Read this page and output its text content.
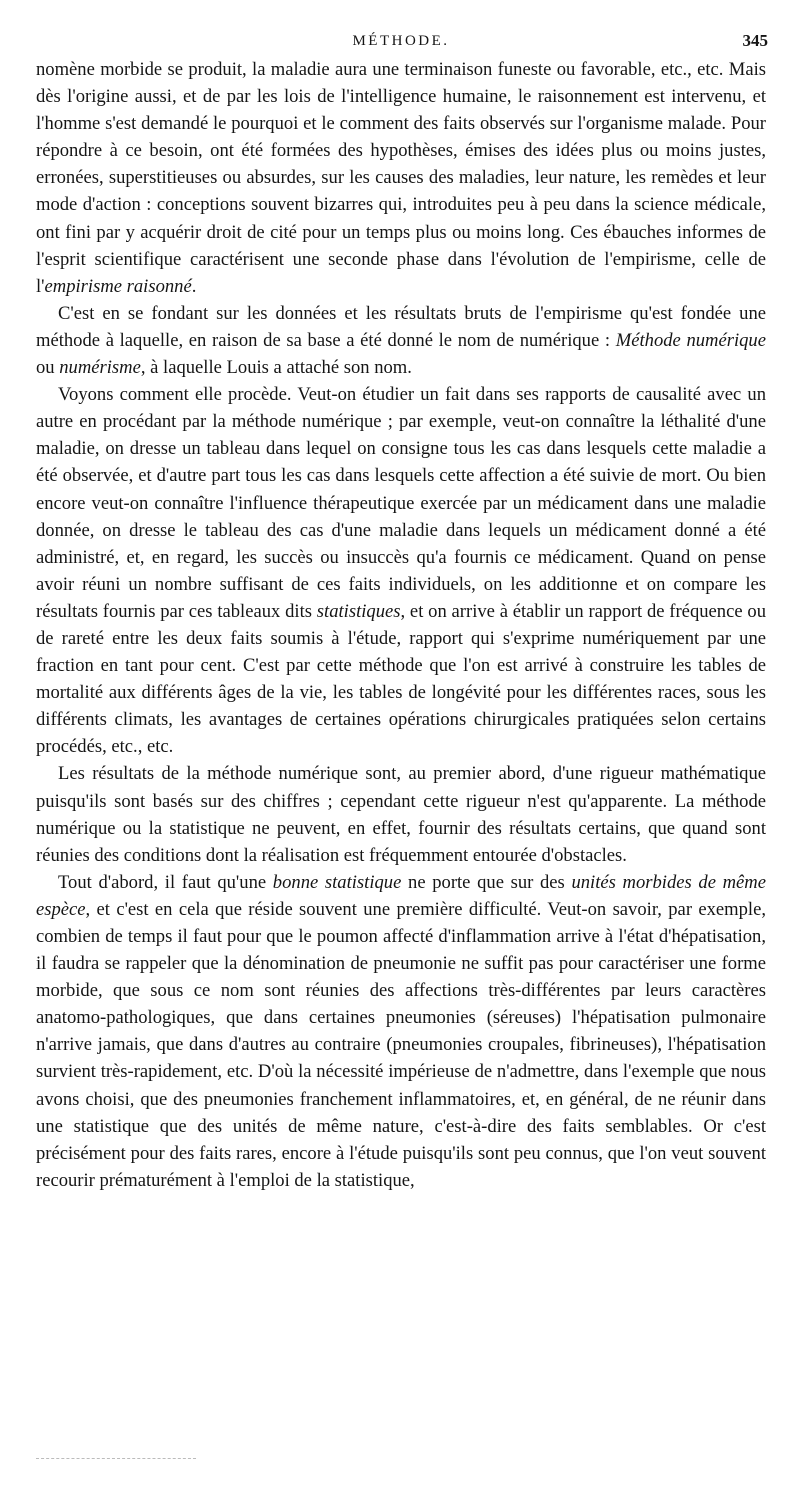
MÉTHODE.	345

nomène morbide se produit, la maladie aura une terminaison funeste ou favorable, etc., etc. Mais dès l'origine aussi, et de par les lois de l'intelligence humaine, le raisonnement est intervenu, et l'homme s'est demandé le pourquoi et le comment des faits observés sur l'organisme malade. Pour répondre à ce besoin, ont été formées des hypothèses, émises des idées plus ou moins justes, erronées, superstitieuses ou absurdes, sur les causes des maladies, leur nature, les remèdes et leur mode d'action : conceptions souvent bizarres qui, introduites peu à peu dans la science médicale, ont fini par y acquérir droit de cité pour un temps plus ou moins long. Ces ébauches informes de l'esprit scientifique caractérisent une seconde phase dans l'évolution de l'empirisme, celle de l'empirisme raisonné.

C'est en se fondant sur les données et les résultats bruts de l'empirisme qu'est fondée une méthode à laquelle, en raison de sa base a été donné le nom de numérique : Méthode numérique ou numérisme, à laquelle Louis a attaché son nom.

Voyons comment elle procède. Veut-on étudier un fait dans ses rapports de causalité avec un autre en procédant par la méthode numérique ; par exemple, veut-on connaître la léthalité d'une maladie, on dresse un tableau dans lequel on consigne tous les cas dans lesquels cette maladie a été observée, et d'autre part tous les cas dans lesquels cette affection a été suivie de mort. Ou bien encore veut-on connaître l'influence thérapeutique exercée par un médicament dans une maladie donnée, on dresse le tableau des cas d'une maladie dans lequels un médicament donné a été administré, et, en regard, les succès ou insuccès qu'a fournis ce médicament. Quand on pense avoir réuni un nombre suffisant de ces faits individuels, on les additionne et on compare les résultats fournis par ces tableaux dits statistiques, et on arrive à établir un rapport de fréquence ou de rareté entre les deux faits soumis à l'étude, rapport qui s'exprime numériquement par une fraction en tant pour cent. C'est par cette méthode que l'on est arrivé à construire les tables de mortalité aux différents âges de la vie, les tables de longévité pour les différentes races, sous les différents climats, les avantages de certaines opérations chirurgicales pratiquées selon certains procédés, etc., etc.

Les résultats de la méthode numérique sont, au premier abord, d'une rigueur mathématique puisqu'ils sont basés sur des chiffres ; cependant cette rigueur n'est qu'apparente. La méthode numérique ou la statistique ne peuvent, en effet, fournir des résultats certains, que quand sont réunies des conditions dont la réalisation est fréquemment entourée d'obstacles.

Tout d'abord, il faut qu'une bonne statistique ne porte que sur des unités morbides de même espèce, et c'est en cela que réside souvent une première difficulté. Veut-on savoir, par exemple, combien de temps il faut pour que le poumon affecté d'inflammation arrive à l'état d'hépatisation, il faudra se rappeler que la dénomination de pneumonie ne suffit pas pour caractériser une forme morbide, que sous ce nom sont réunies des affections très-différentes par leurs caractères anatomo-pathologiques, que dans certaines pneumonies (séreuses) l'hépatisation pulmonaire n'arrive jamais, que dans d'autres au contraire (pneumonies croupales, fibrineuses), l'hépatisation survient très-rapidement, etc. D'où la nécessité impérieuse de n'admettre, dans l'exemple que nous avons choisi, que des pneumonies franchement inflammatoires, et, en général, de ne réunir dans une statistique que des unités de même nature, c'est-à-dire des faits semblables. Or c'est précisément pour des faits rares, encore à l'étude puisqu'ils sont peu connus, que l'on veut souvent recourir prématurément à l'emploi de la statistique,
